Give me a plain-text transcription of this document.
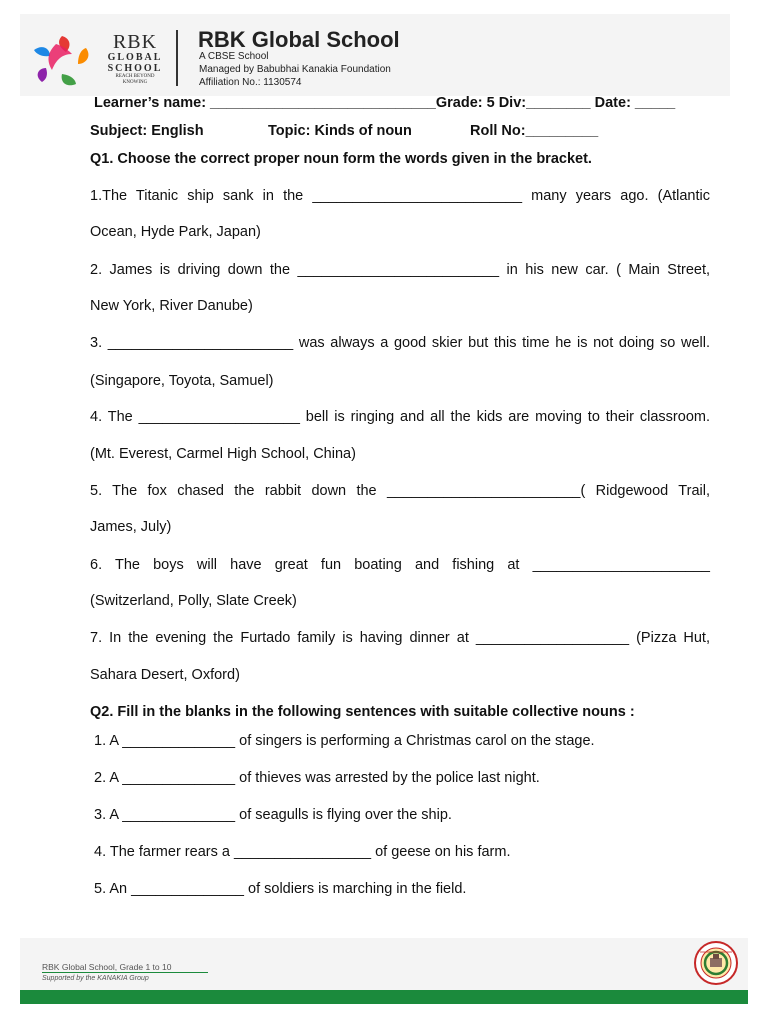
RBK
GLOBAL
SCHOOL
REACH BEYOND
KNOWING
RBK Global School
A CBSE School
Managed by Babubhai Kanakia Foundation
Affiliation No.: 1130574
Learner’s name: ____________________________Grade: 5 Div:________ Date: _____
Subject: English	Topic: Kinds of noun	Roll No:_________
Q1. Choose the correct proper noun form the words given in the bracket.
1.The Titanic ship sank in the __________________________ many years ago. (Atlantic
Ocean, Hyde Park, Japan)
2. James is driving down the _________________________ in his new car. ( Main Street,
New York, River Danube)
3. _______________________ was always a good skier but this time he is not doing so well.
(Singapore, Toyota, Samuel)
4. The ____________________ bell is ringing and all the kids are moving to their classroom.
(Mt. Everest, Carmel High School, China)
5. The fox chased the rabbit down the ________________________( Ridgewood Trail,
James, July)
6. The boys will have great fun boating and fishing at ______________________
(Switzerland, Polly, Slate Creek)
7. In the evening the Furtado family is having dinner at ___________________ (Pizza Hut,
Sahara Desert, Oxford)
Q2. Fill in the blanks in the following sentences with suitable collective nouns :
1. A ______________ of singers is performing a Christmas carol on the stage.
2. A ______________ of thieves was arrested by the police last night.
3. A ______________ of seagulls is flying over the ship.
4. The farmer rears a _________________ of geese on his farm.
5. An ______________ of soldiers is marching in the field.
RBK Global School, Grade 1 to 10
Supported by the KANAKIA Group
